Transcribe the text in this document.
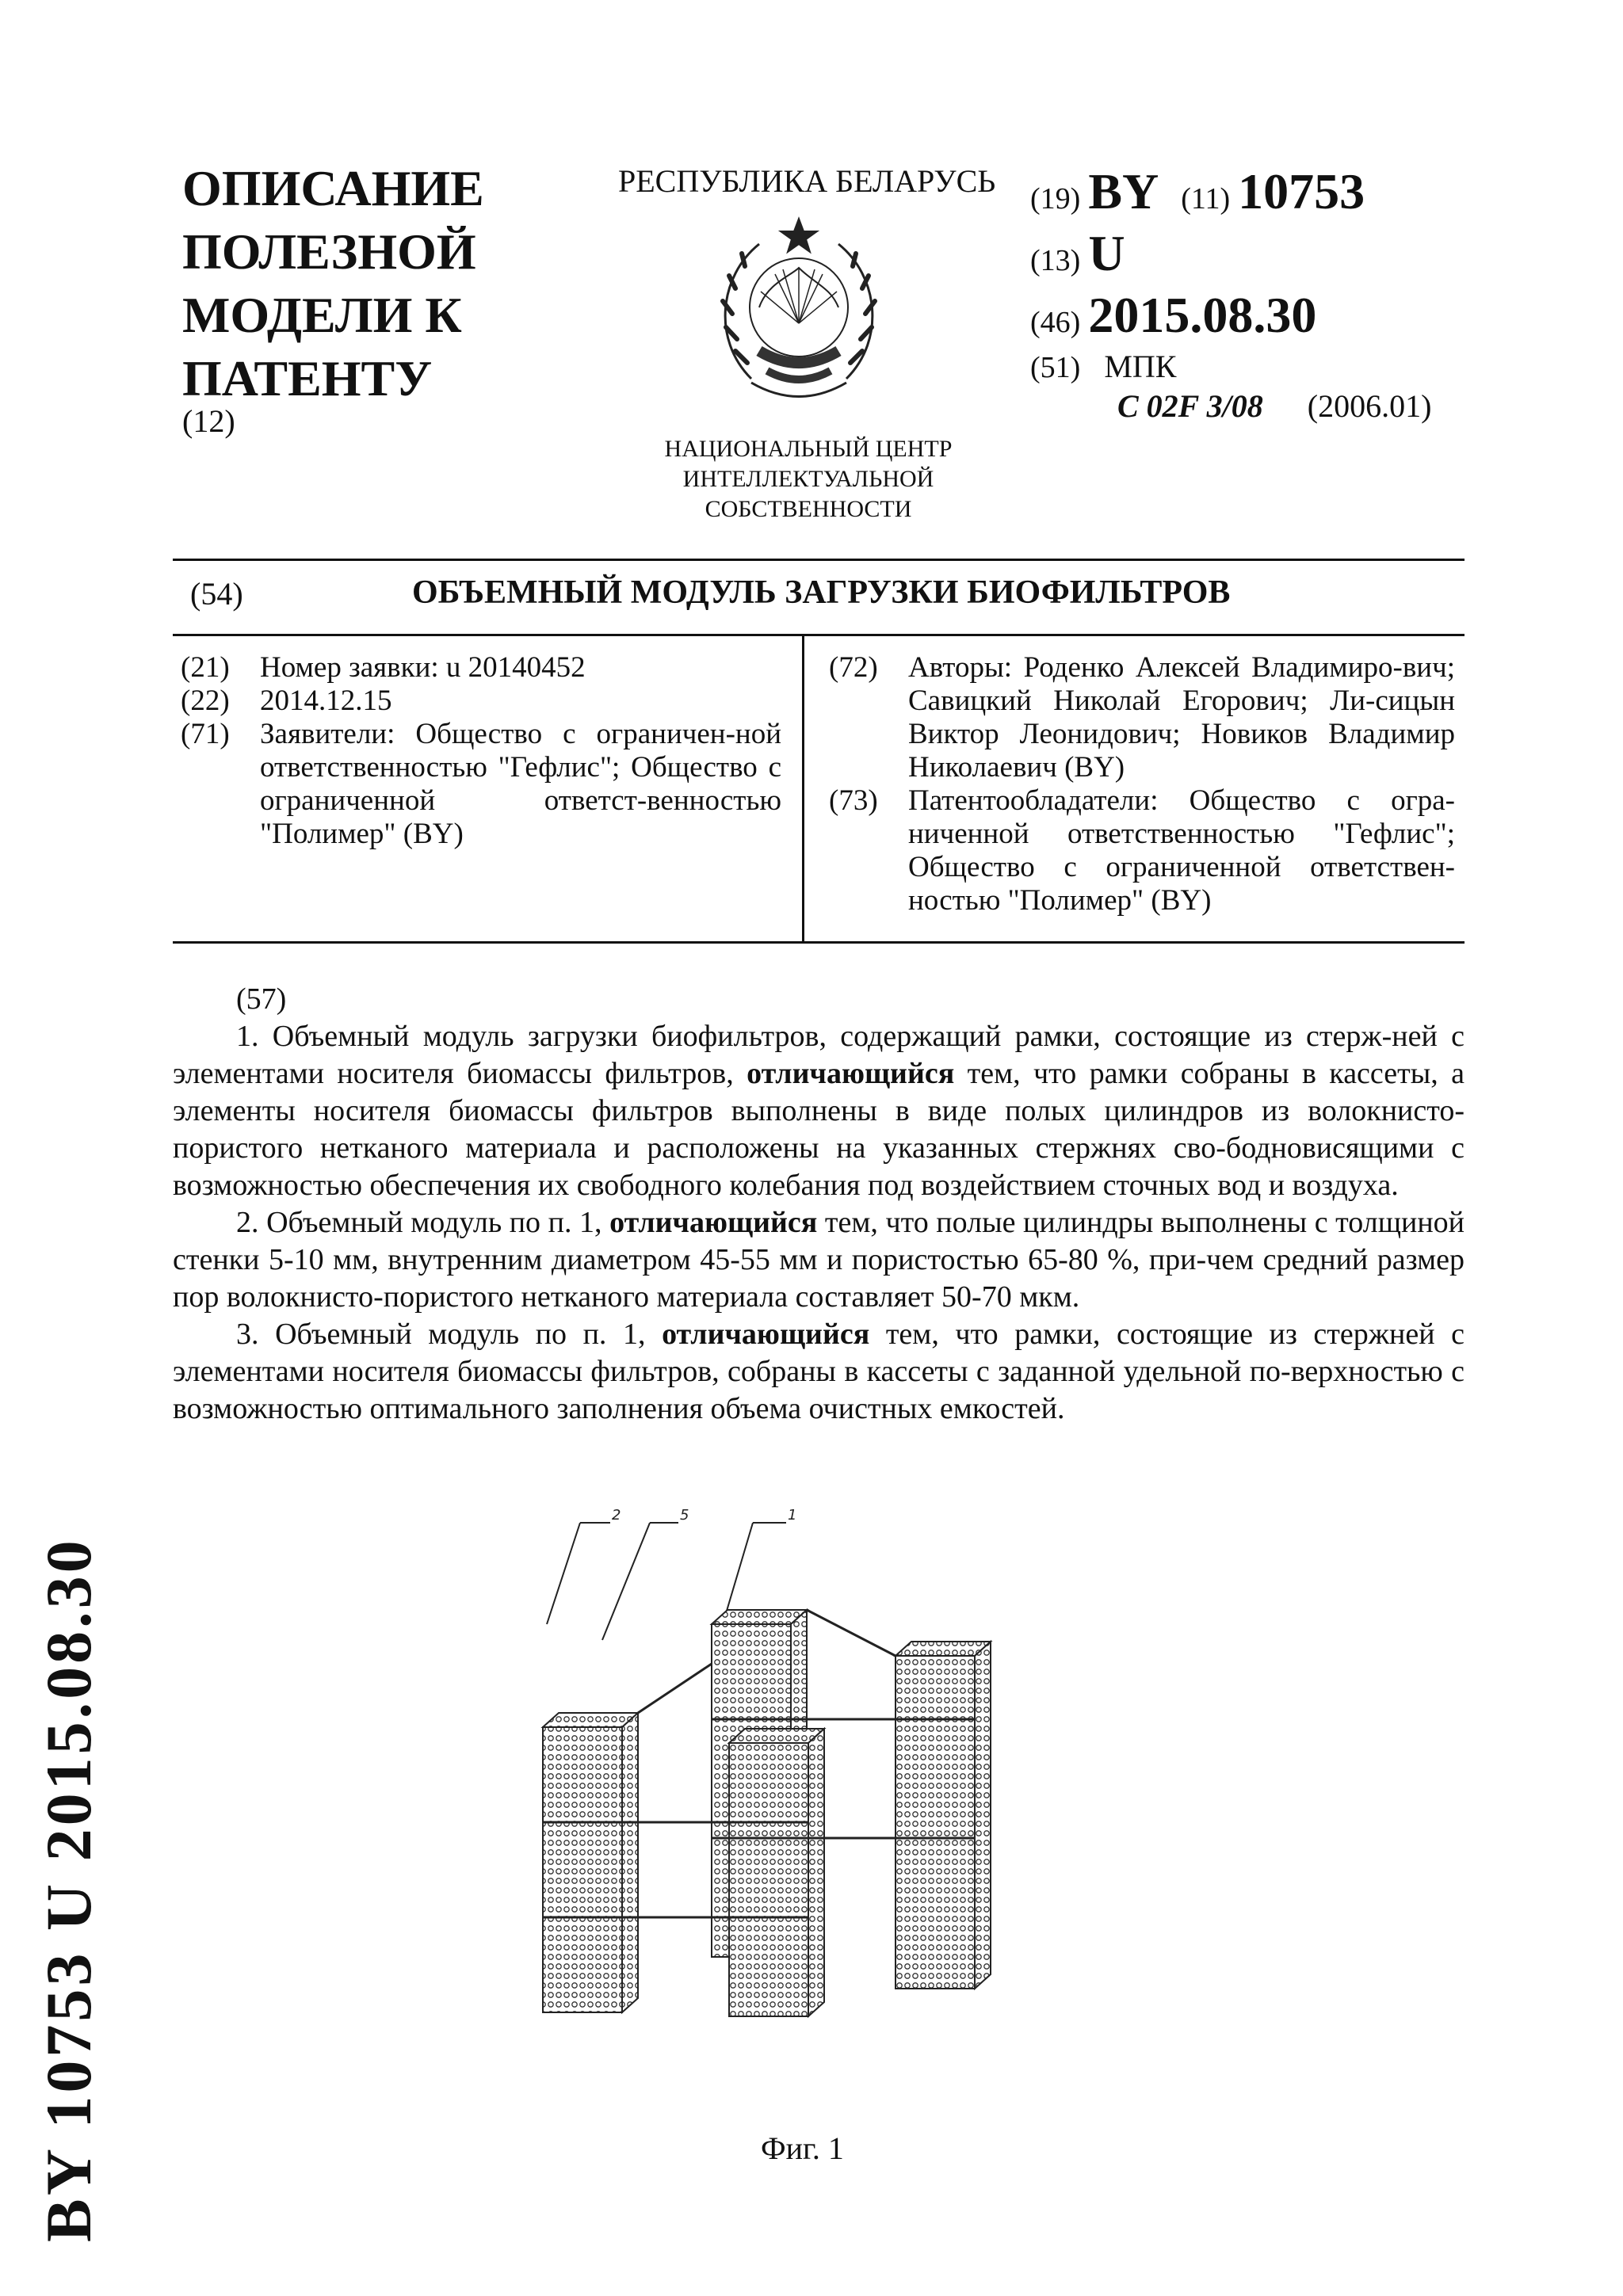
ОПИСАНИЕ
ПОЛЕЗНОЙ
МОДЕЛИ К
ПАТЕНТУ
(12)
РЕСПУБЛИКА БЕЛАРУСЬ
НАЦИОНАЛЬНЫЙ ЦЕНТР
ИНТЕЛЛЕКТУАЛЬНОЙ
СОБСТВЕННОСТИ
(19) BY (11) 10753
(13) U
(46) 2015.08.30
(51) МПК
C 02F 3/08 (2006.01)
(54)	ОБЪЕМНЫЙ МОДУЛЬ ЗАГРУЗКИ БИОФИЛЬТРОВ
(21)	Номер заявки: u 20140452
(22)	2014.12.15
(71)	Заявители: Общество с ограничен-ной ответственностью "Гефлис"; Общество с ограниченной ответст-венностью "Полимер" (BY)
(72)	Авторы: Роденко Алексей Владимиро-вич; Савицкий Николай Егорович; Ли-сицын Виктор Леонидович; Новиков Владимир Николаевич (BY)
(73)	Патентообладатели: Общество с огра-ниченной ответственностью "Гефлис"; Общество с ограниченной ответствен-ностью "Полимер" (BY)

(57)

1. Объемный модуль загрузки биофильтров, содержащий рамки, состоящие из стерж-ней с элементами носителя биомассы фильтров, отличающийся тем, что рамки собраны в кассеты, а элементы носителя биомассы фильтров выполнены в виде полых цилиндров из волокнисто-пористого нетканого материала и расположены на указанных стержнях сво-бодновисящими с возможностью обеспечения их свободного колебания под воздействием сточных вод и воздуха.

2. Объемный модуль по п. 1, отличающийся тем, что полые цилиндры выполнены с толщиной стенки 5-10 мм, внутренним диаметром 45-55 мм и пористостью 65-80 %, при-чем средний размер пор волокнисто-пористого нетканого материала составляет 50-70 мкм.

3. Объемный модуль по п. 1, отличающийся тем, что рамки, состоящие из стержней с элементами носителя биомассы фильтров, собраны в кассеты с заданной удельной по-верхностью с возможностью оптимального заполнения объема очистных емкостей.

2	5	1
Фиг. 1
BY 10753 U 2015.08.30
